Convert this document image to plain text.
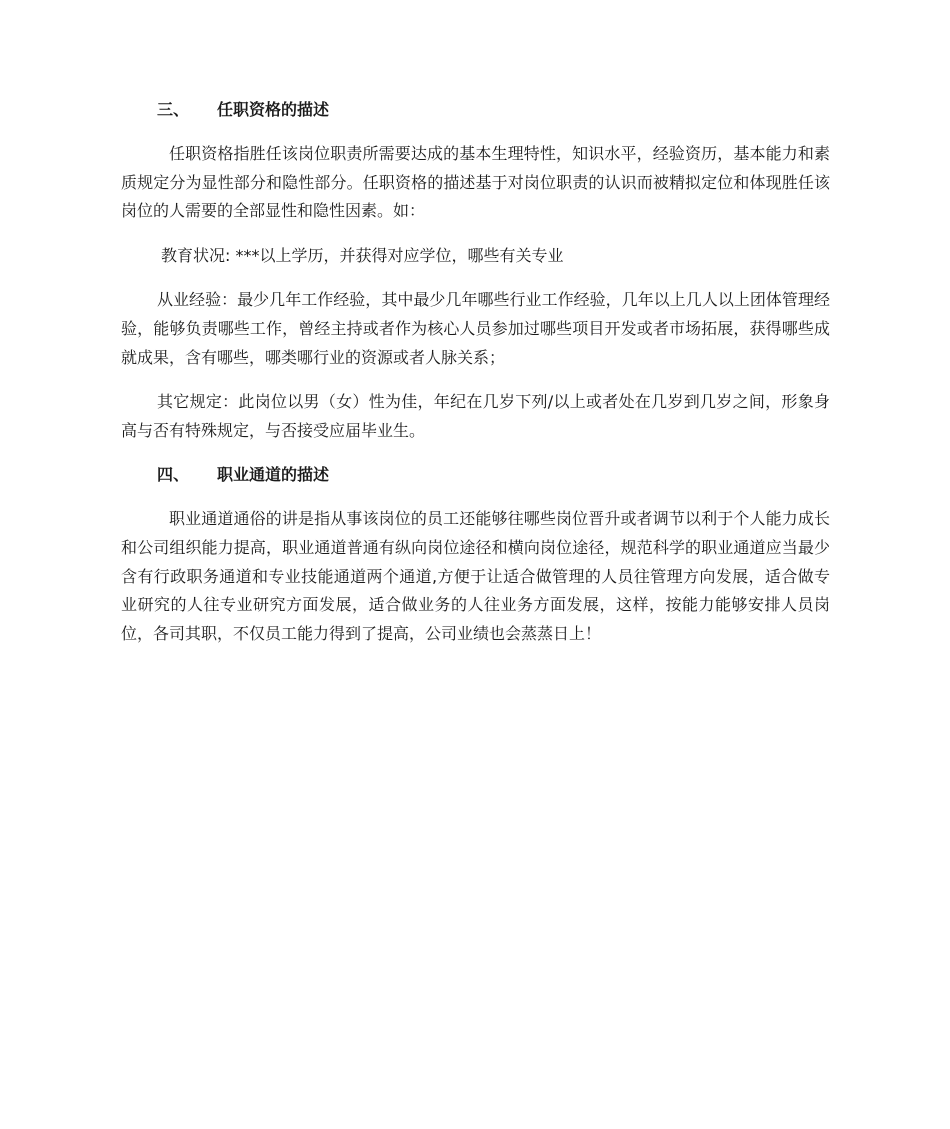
三、 任职资格的描述

任职资格指胜任该岗位职责所需要达成的基本生理特性，知识水平，经验资历，基本能力和素质规定分为显性部分和隐性部分。任职资格的描述基于对岗位职责的认识而被精拟定位和体现胜任该岗位的人需要的全部显性和隐性因素。如：

教育状况: ***以上学历，并获得对应学位，哪些有关专业

从业经验：最少几年工作经验，其中最少几年哪些行业工作经验，几年以上几人以上团体管理经验，能够负责哪些工作，曾经主持或者作为核心人员参加过哪些项目开发或者市场拓展，获得哪些成就成果，含有哪些，哪类哪行业的资源或者人脉关系；

其它规定：此岗位以男（女）性为佳，年纪在几岁下列/以上或者处在几岁到几岁之间，形象身高与否有特殊规定，与否接受应届毕业生。

四、 职业通道的描述

职业通道通俗的讲是指从事该岗位的员工还能够往哪些岗位晋升或者调节以利于个人能力成长和公司组织能力提高，职业通道普通有纵向岗位途径和横向岗位途径，规范科学的职业通道应当最少含有行政职务通道和专业技能通道两个通道,方便于让适合做管理的人员往管理方向发展，适合做专业研究的人往专业研究方面发展，适合做业务的人往业务方面发展，这样，按能力能够安排人员岗位，各司其职，不仅员工能力得到了提高，公司业绩也会蒸蒸日上！
